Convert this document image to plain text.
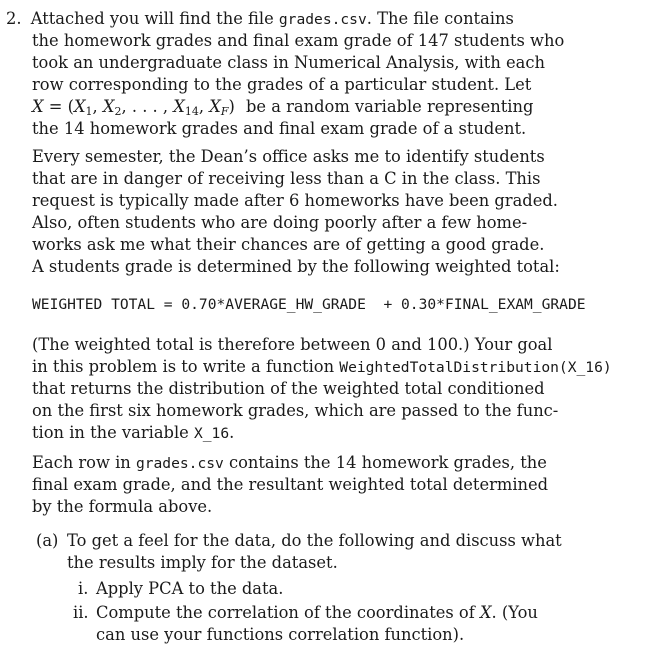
2. Attached you will find the file grades.csv. The file contains
the homework grades and final exam grade of 147 students who
took an undergraduate class in Numerical Analysis, with each
row corresponding to the grades of a particular student. Let
$X = (X_1$, $X_2$, . . . , $X_{14}$, $X_F$) be a random variable representing
the 14 homework grades and final exam grade of a student.
Every semester, the Dean’s office asks me to identify students
that are in danger of receiving less than a C in the class. This
request is typically made after 6 homeworks have been graded.
Also, often students who are doing poorly after a few home-
works ask me what their chances are of getting a good grade.
A students grade is determined by the following weighted total:
WEIGHTED TOTAL = 0.70*AVERAGE_HW_GRADE  + 0.30*FINAL_EXAM_GRADE
(The weighted total is therefore between 0 and 100.) Your goal
in this problem is to write a function WeightedTotalDistribution(X_16)
that returns the distribution of the weighted total conditioned
on the first six homework grades, which are passed to the func-
tion in the variable X_16.
Each row in grades.csv contains the 14 homework grades, the
final exam grade, and the resultant weighted total determined
by the formula above.
(a) To get a feel for the data, do the following and discuss what
the results imply for the dataset.
i. Apply PCA to the data.
ii. Compute the correlation of the coordinates of X. (You
can use your functions correlation function).
